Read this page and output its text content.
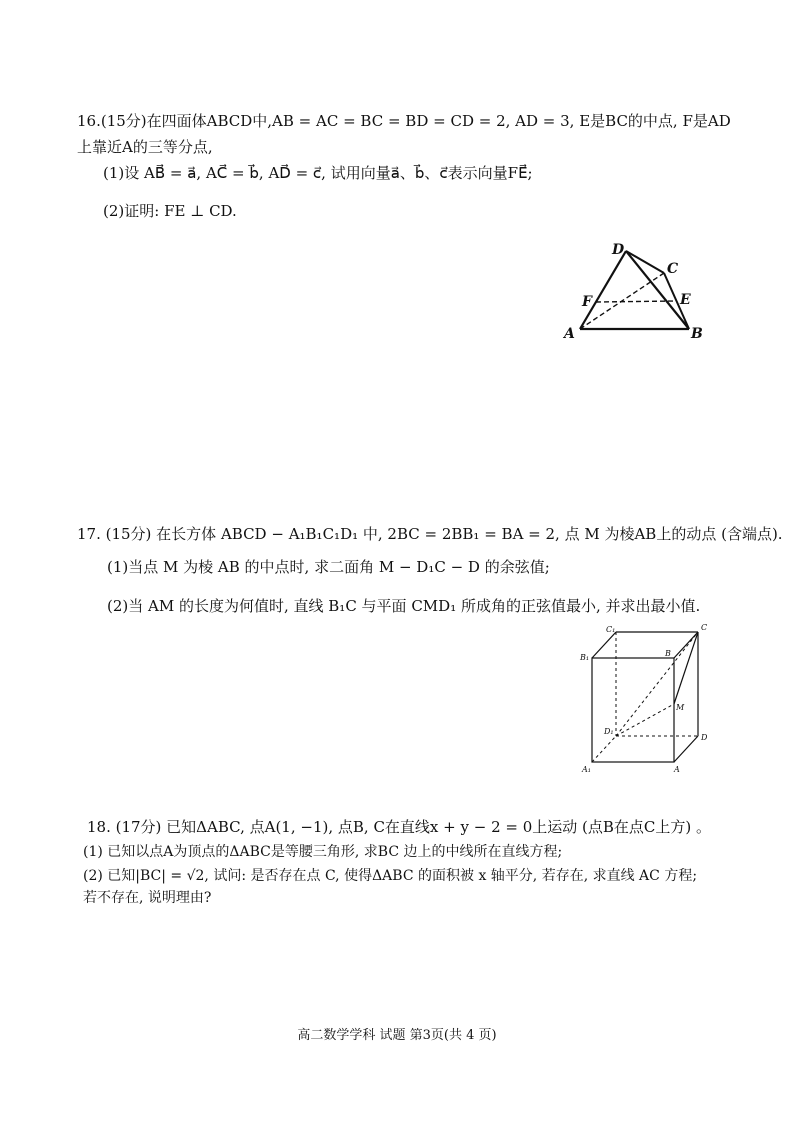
16.(15分)在四面体ABCD中,AB = AC = BC = BD = CD = 2, AD = 3, E是BC的中点, F是AD
上靠近A的三等分点,
(1)设 AB⃗ = a⃗, AC⃗ = b⃗, AD⃗ = c⃗, 试用向量a⃗、b⃗、c⃗表示向量FE⃗;
(2)证明: FE ⊥ CD.
D
C
F	E
A	B
17. (15分) 在长方体 ABCD − A₁B₁C₁D₁ 中, 2BC = 2BB₁ = BA = 2, 点 M 为棱AB上的动点 (含端点).
(1)当点 M 为棱 AB 的中点时, 求二面角 M − D₁C − D 的余弦值;
(2)当 AM 的长度为何值时, 直线 B₁C 与平面 CMD₁ 所成角的正弦值最小, 并求出最小值.
C₁	C
B₁	B
M
D₁
D
A₁	A
18. (17分) 已知ΔABC, 点A(1, −1), 点B, C在直线x + y − 2 = 0上运动 (点B在点C上方) 。
(1) 已知以点A为顶点的ΔABC是等腰三角形, 求BC 边上的中线所在直线方程;
(2) 已知|BC| = √2, 试问: 是否存在点 C, 使得ΔABC 的面积被 x 轴平分, 若存在, 求直线 AC 方程;
若不存在, 说明理由?
高二数学学科 试题 第3页(共 4 页)
